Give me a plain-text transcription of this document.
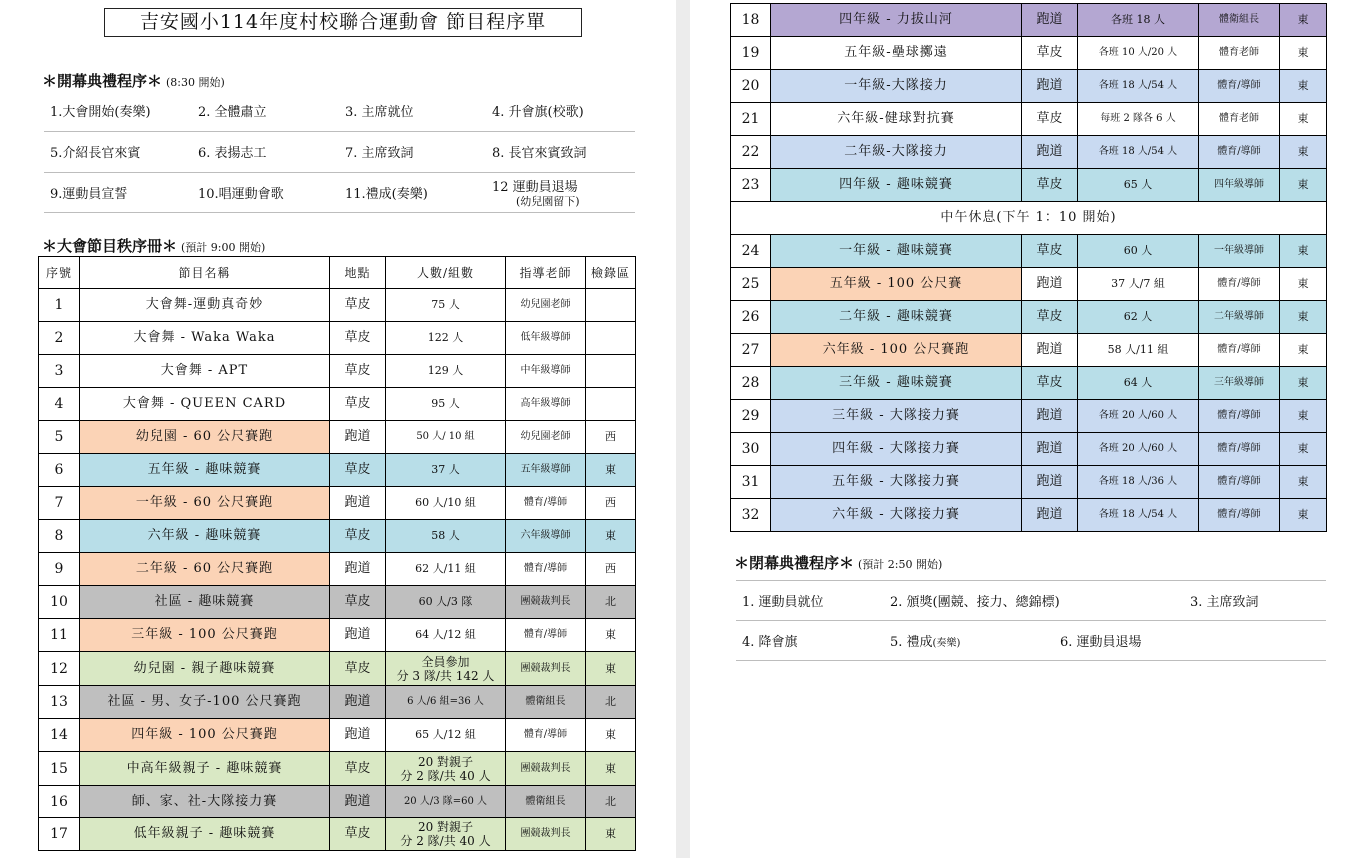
吉安國小114年度村校聯合運動會 節目程序單
＊開幕典禮程序＊ (8:30 開始)
1.大會開始(奏樂)	2. 全體肅立	3. 主席就位	4. 升會旗(校歌)
5.介紹長官來賓	6. 表揚志工	7. 主席致詞	8. 長官來賓致詞
9.運動員宣誓	10.唱運動會歌	11.禮成(奏樂)	12 運動員退場
(幼兒園留下)
＊大會節目秩序冊＊ (預計 9:00 開始)
序號	節目名稱	地點	人數/組數	指導老師	檢錄區
1	大會舞-運動真奇妙	草皮	75 人	幼兒園老師	
2	大會舞 - Waka Waka	草皮	122 人	低年級導師	
3	大會舞 - APT	草皮	129 人	中年級導師	
4	大會舞 - QUEEN CARD	草皮	95 人	高年級導師	
5	幼兒園 - 60 公尺賽跑	跑道	50 人/ 10 組	幼兒園老師	西
6	五年級 - 趣味競賽	草皮	37 人	五年級導師	東
7	一年級 - 60 公尺賽跑	跑道	60 人/10 組	體育/導師	西
8	六年級 - 趣味競賽	草皮	58 人	六年級導師	東
9	二年級 - 60 公尺賽跑	跑道	62 人/11 組	體育/導師	西
10	社區 - 趣味競賽	草皮	60 人/3 隊	團競裁判長	北
11	三年級 - 100 公尺賽跑	跑道	64 人/12 組	體育/導師	東
12	幼兒園 - 親子趣味競賽	草皮	全員參加
分 3 隊/共 142 人	團競裁判長	東
13	社區 - 男、女子-100 公尺賽跑	跑道	6 人/6 組=36 人	體衛組長	北
14	四年級 - 100 公尺賽跑	跑道	65 人/12 組	體育/導師	東
15	中高年級親子 - 趣味競賽	草皮	20 對親子
分 2 隊/共 40 人	團競裁判長	東
16	師、家、社-大隊接力賽	跑道	20 人/3 隊=60 人	體衛組長	北
17	低年級親子 - 趣味競賽	草皮	20 對親子
分 2 隊/共 40 人	團競裁判長	東
18	四年級 - 力拔山河	跑道	各班 18 人	體衛組長	東
19	五年級-壘球擲遠	草皮	各班 10 人/20 人	體育老師	東
20	一年級-大隊接力	跑道	各班 18 人/54 人	體育/導師	東
21	六年級-健球對抗賽	草皮	每班 2 隊各 6 人	體育老師	東
22	二年級-大隊接力	跑道	各班 18 人/54 人	體育/導師	東
23	四年級 - 趣味競賽	草皮	65 人	四年級導師	東
中午休息(下午 1：10 開始)					
24	一年級 - 趣味競賽	草皮	60 人	一年級導師	東
25	五年級 - 100 公尺賽	跑道	37 人/7 組	體育/導師	東
26	二年級 - 趣味競賽	草皮	62 人	二年級導師	東
27	六年級 - 100 公尺賽跑	跑道	58 人/11 組	體育/導師	東
28	三年級 - 趣味競賽	草皮	64 人	三年級導師	東
29	三年級 - 大隊接力賽	跑道	各班 20 人/60 人	體育/導師	東
30	四年級 - 大隊接力賽	跑道	各班 20 人/60 人	體育/導師	東
31	五年級 - 大隊接力賽	跑道	各班 18 人/36 人	體育/導師	東
32	六年級 - 大隊接力賽	跑道	各班 18 人/54 人	體育/導師	東
＊閉幕典禮程序＊ (預計 2:50 開始)
1. 運動員就位	2. 頒獎(團競、接力、總錦標) 3. 主席致詞	
4. 降會旗	5. 禮成(奏樂)	6. 運動員退場
